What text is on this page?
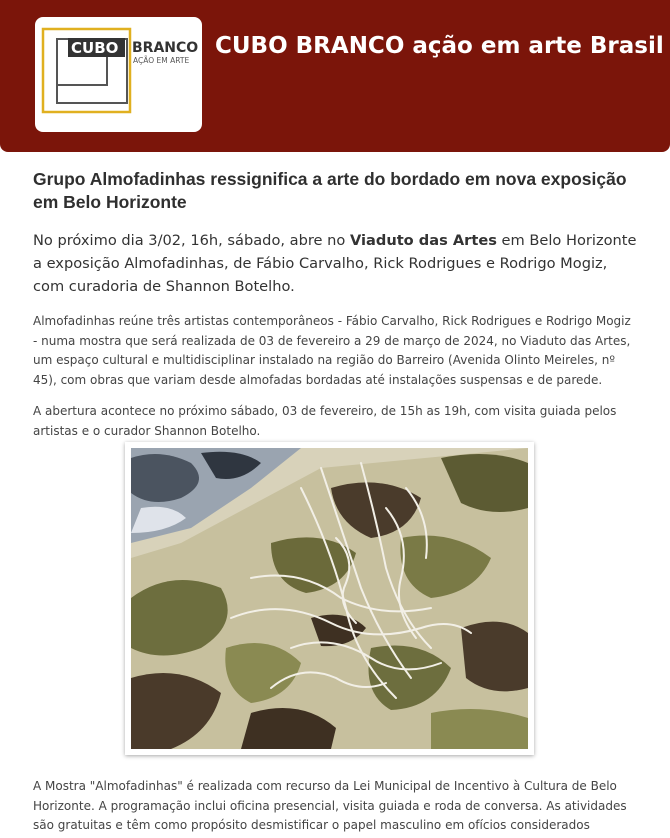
CUBO BRANCO
AÇÃO EM ARTE
CUBO BRANCO ação em arte Brasil
Grupo Almofadinhas ressignifica a arte do bordado em nova exposição em Belo Horizonte

No próximo dia 3/02, 16h, sábado, abre no Viaduto das Artes em Belo Horizonte a exposição Almofadinhas, de Fábio Carvalho, Rick Rodrigues e Rodrigo Mogiz, com curadoria de Shannon Botelho.

Almofadinhas reúne três artistas contemporâneos - Fábio Carvalho, Rick Rodrigues e Rodrigo Mogiz - numa mostra que será realizada de 03 de fevereiro a 29 de março de 2024, no Viaduto das Artes, um espaço cultural e multidisciplinar instalado na região do Barreiro (Avenida Olinto Meireles, nº 45), com obras que variam desde almofadas bordadas até instalações suspensas e de parede.

A abertura acontece no próximo sábado, 03 de fevereiro, de 15h as 19h, com visita guiada pelos artistas e o curador Shannon Botelho.

A Mostra "Almofadinhas" é realizada com recurso da Lei Municipal de Incentivo à Cultura de Belo Horizonte. A programação inclui oficina presencial, visita guiada e roda de conversa. As atividades são gratuitas e têm como propósito desmistificar o papel masculino em ofícios considerados
